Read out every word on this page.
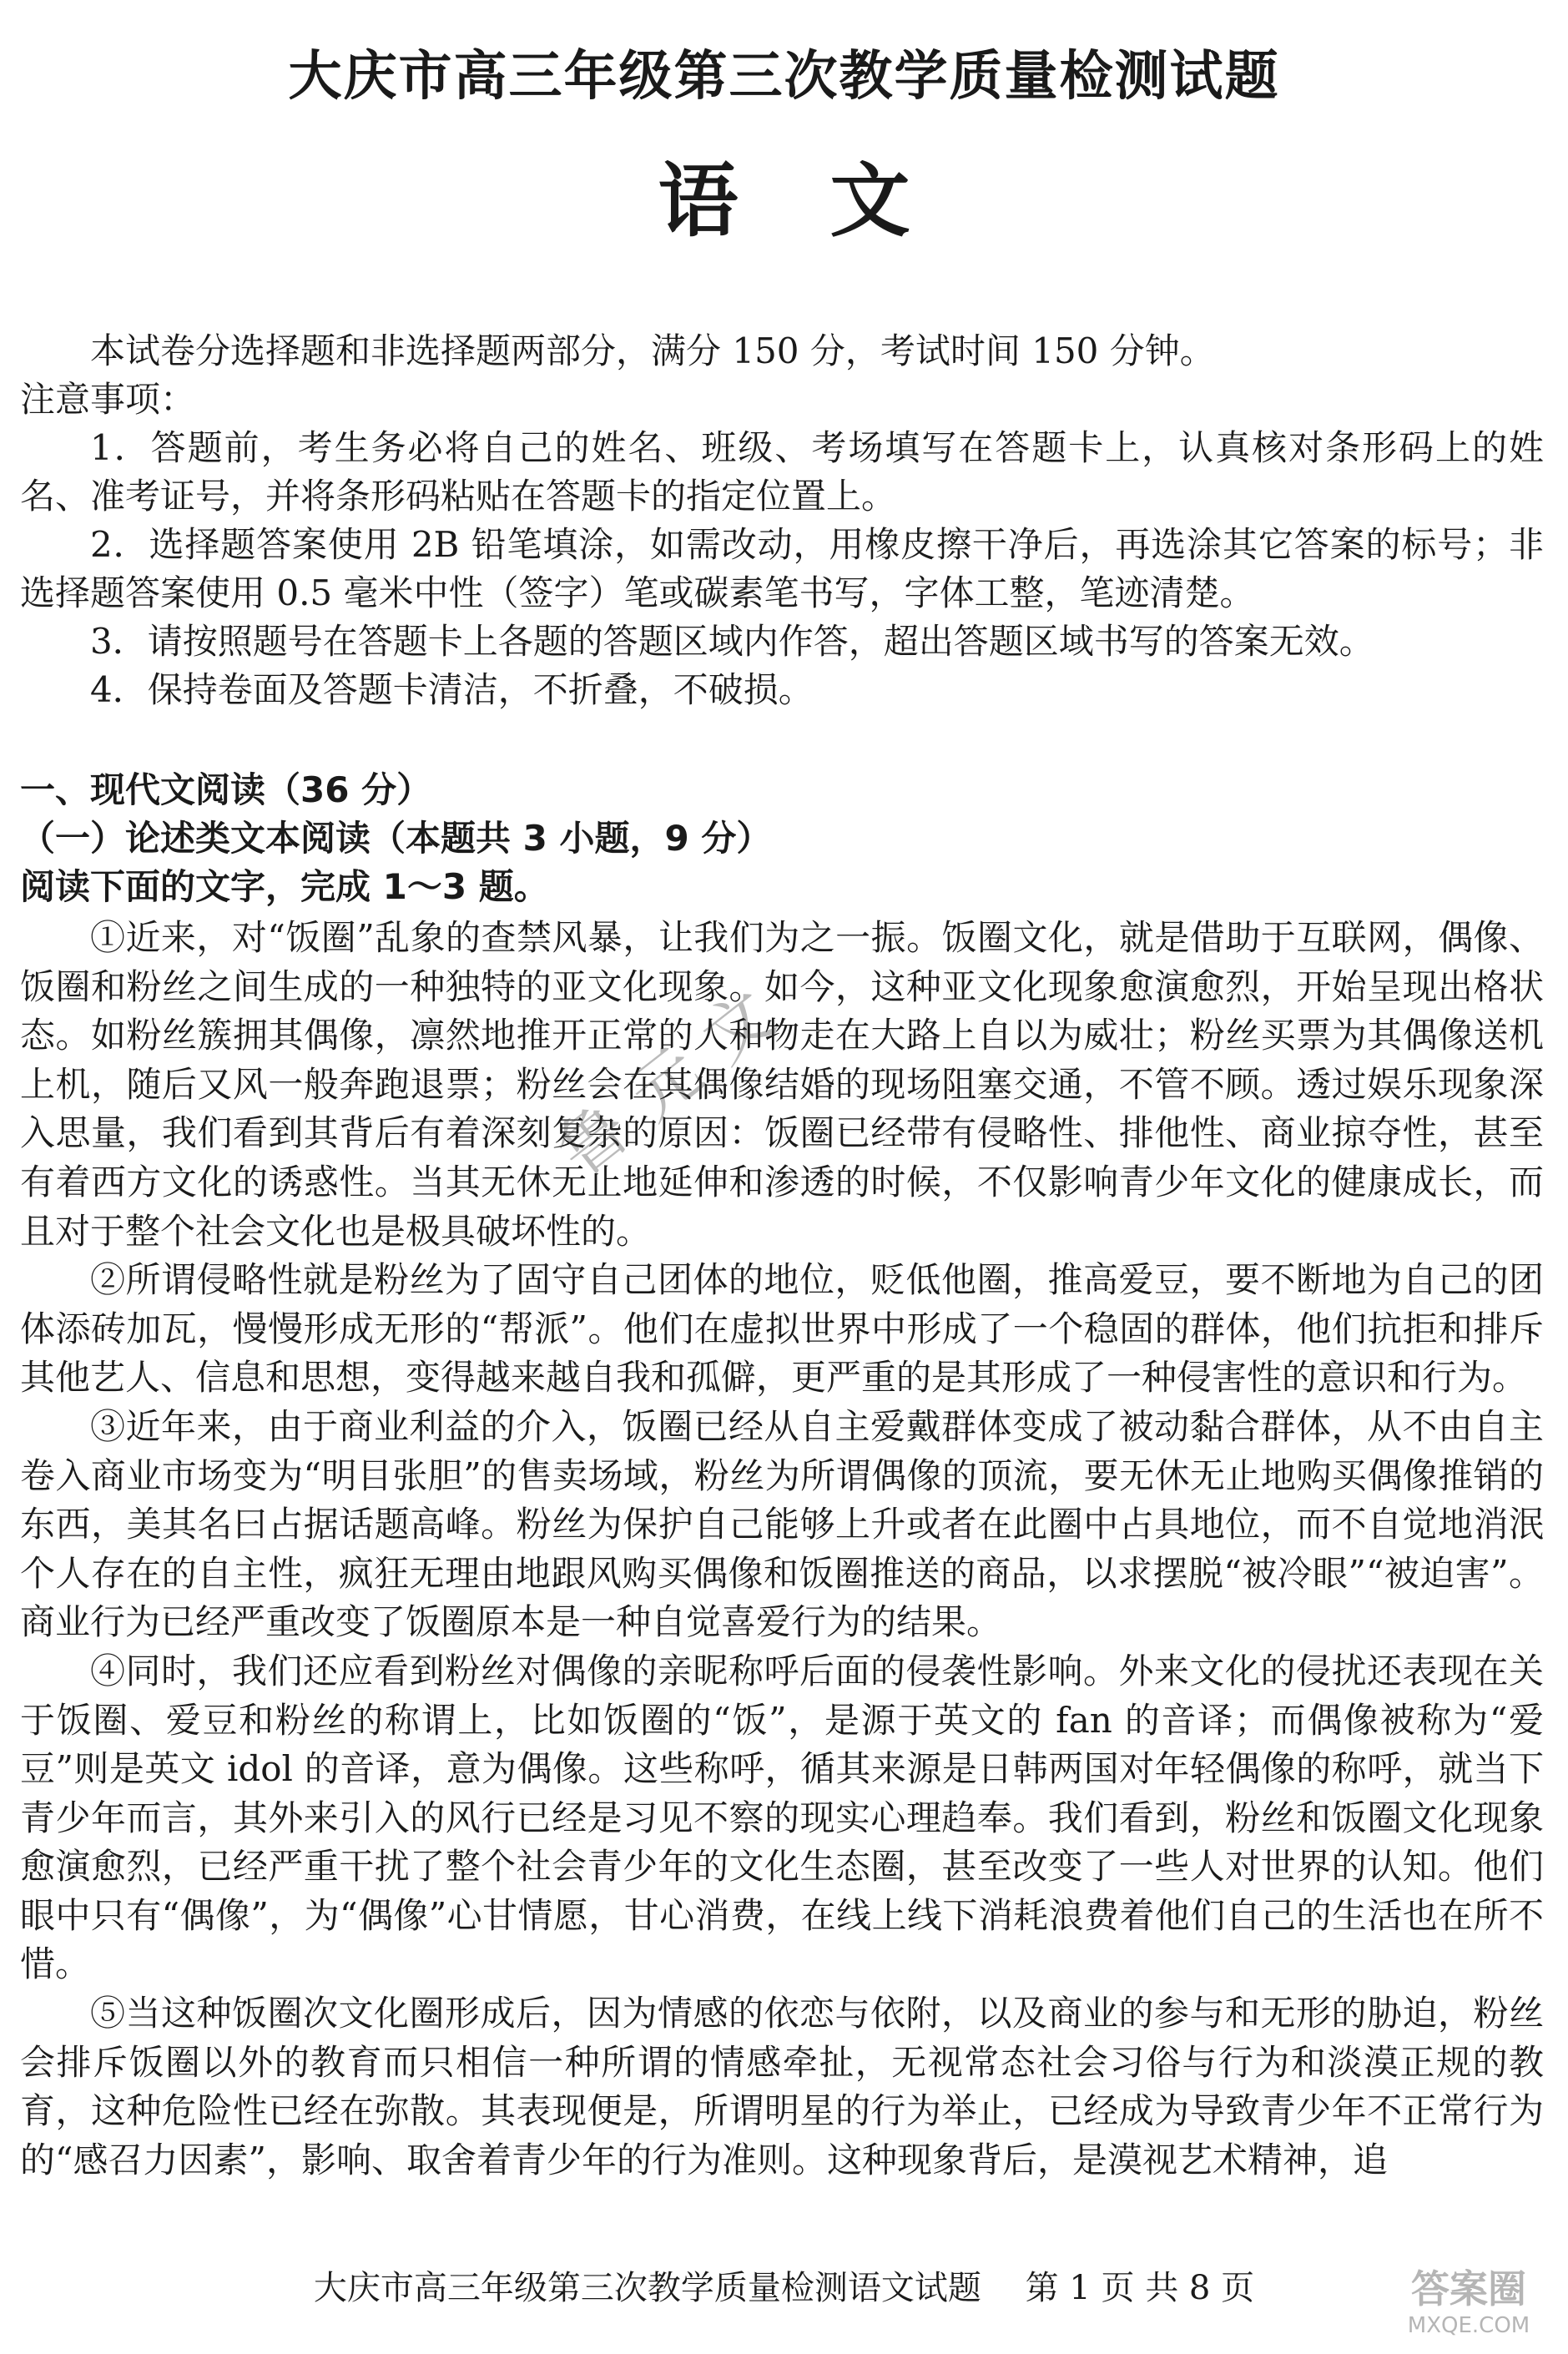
大庆市高三年级第三次教学质量检测试题
语文

本试卷分选择题和非选择题两部分，满分 150 分，考试时间 150 分钟。

注意事项：

1．答题前，考生务必将自己的姓名、班级、考场填写在答题卡上，认真核对条形码上的姓名、准考证号，并将条形码粘贴在答题卡的指定位置上。

2．选择题答案使用 2B 铅笔填涂，如需改动，用橡皮擦干净后，再选涂其它答案的标号；非选择题答案使用 0.5 毫米中性（签字）笔或碳素笔书写，字体工整，笔迹清楚。

3．请按照题号在答题卡上各题的答题区域内作答，超出答题区域书写的答案无效。

4．保持卷面及答题卡清洁，不折叠，不破损。

一、现代文阅读（36 分）

（一）论述类文本阅读（本题共 3 小题，9 分）

阅读下面的文字，完成 1～3 题。

①近来，对“饭圈”乱象的查禁风暴，让我们为之一振。饭圈文化，就是借助于互联网，偶像、饭圈和粉丝之间生成的一种独特的亚文化现象。如今，这种亚文化现象愈演愈烈，开始呈现出格状态。如粉丝簇拥其偶像，凛然地推开正常的人和物走在大路上自以为威壮；粉丝买票为其偶像送机上机，随后又风一般奔跑退票；粉丝会在其偶像结婚的现场阻塞交通，不管不顾。透过娱乐现象深入思量，我们看到其背后有着深刻复杂的原因：饭圈已经带有侵略性、排他性、商业掠夺性，甚至有着西方文化的诱惑性。当其无休无止地延伸和渗透的时候，不仅影响青少年文化的健康成长，而且对于整个社会文化也是极具破坏性的。

②所谓侵略性就是粉丝为了固守自己团体的地位，贬低他圈，推高爱豆，要不断地为自己的团体添砖加瓦，慢慢形成无形的“帮派”。他们在虚拟世界中形成了一个稳固的群体，他们抗拒和排斥其他艺人、信息和思想，变得越来越自我和孤僻，更严重的是其形成了一种侵害性的意识和行为。

③近年来，由于商业利益的介入，饭圈已经从自主爱戴群体变成了被动黏合群体，从不由自主卷入商业市场变为“明目张胆”的售卖场域，粉丝为所谓偶像的顶流，要无休无止地购买偶像推销的东西，美其名曰占据话题高峰。粉丝为保护自己能够上升或者在此圈中占具地位，而不自觉地消泯个人存在的自主性，疯狂无理由地跟风购买偶像和饭圈推送的商品，以求摆脱“被冷眼”“被迫害”。商业行为已经严重改变了饭圈原本是一种自觉喜爱行为的结果。

④同时，我们还应看到粉丝对偶像的亲昵称呼后面的侵袭性影响。外来文化的侵扰还表现在关于饭圈、爱豆和粉丝的称谓上，比如饭圈的“饭”，是源于英文的 fan 的音译；而偶像被称为“爱豆”则是英文 idol 的音译，意为偶像。这些称呼，循其来源是日韩两国对年轻偶像的称呼，就当下青少年而言，其外来引入的风行已经是习见不察的现实心理趋奉。我们看到，粉丝和饭圈文化现象愈演愈烈，已经严重干扰了整个社会青少年的文化生态圈，甚至改变了一些人对世界的认知。他们眼中只有“偶像”，为“偶像”心甘情愿，甘心消费，在线上线下消耗浪费着他们自己的生活也在所不惜。

⑤当这种饭圈次文化圈形成后，因为情感的依恋与依附，以及商业的参与和无形的胁迫，粉丝会排斥饭圈以外的教育而只相信一种所谓的情感牵扯，无视常态社会习俗与行为和淡漠正规的教育，这种危险性已经在弥散。其表现便是，所谓明星的行为举止，已经成为导致青少年不正常行为的“感召力因素”，影响、取舍着青少年的行为准则。这种现象背后，是漠视艺术精神，追

鲁元文

大庆市高三年级第三次教学质量检测语文试题 第 1 页 共 8 页	答案圈
MXQE.COM
